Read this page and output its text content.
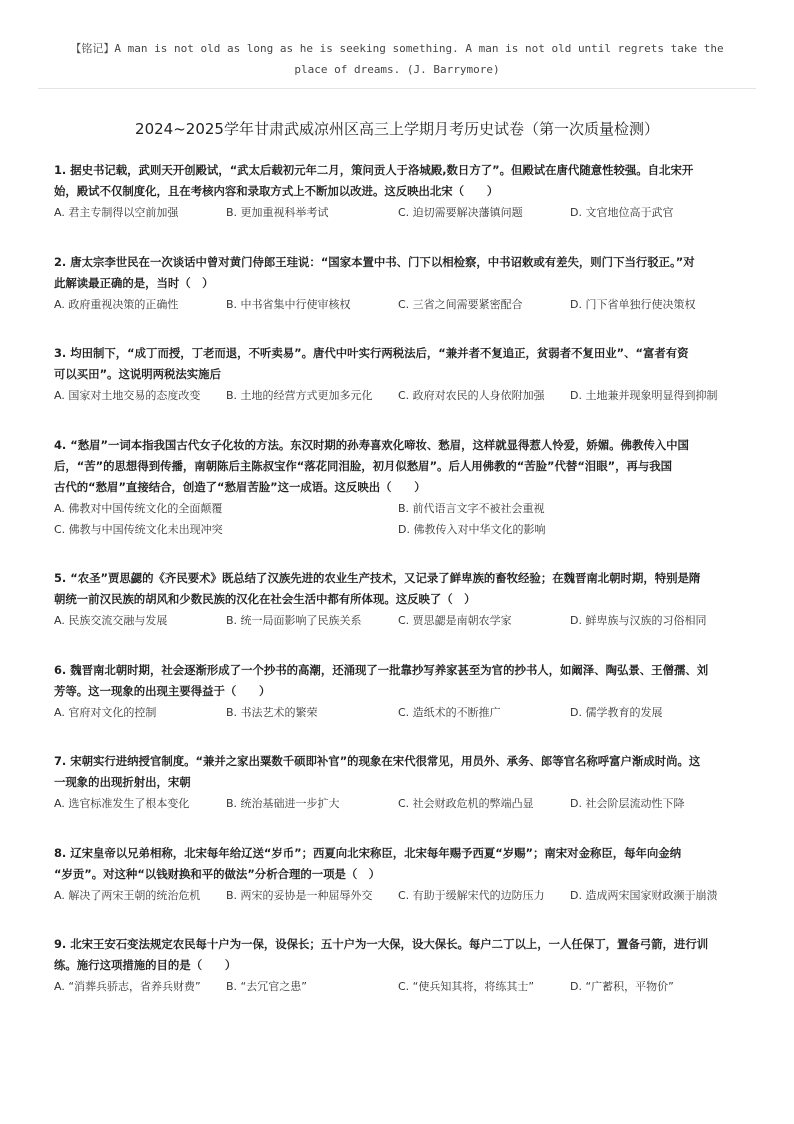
【铭记】A man is not old as long as he is seeking something. A man is not old until regrets take the
place of dreams. (J. Barrymore)
2024~2025学年甘肃武威凉州区高三上学期月考历史试卷（第一次质量检测）
1. 据史书记载，武则天开创殿试，“武太后载初元年二月，策问贡人于洛城殿,数日方了”。但殿试在唐代随意性较强。自北宋开
始，殿试不仅制度化，且在考核内容和录取方式上不断加以改进。这反映出北宋（　　）
A. 君主专制得以空前加强	B. 更加重视科举考试	C. 迫切需要解决藩镇问题	D. 文官地位高于武官
2. 唐太宗李世民在一次谈话中曾对黄门侍郎王珪说：“国家本置中书、门下以相检察，中书诏敕或有差失，则门下当行驳正。”对
此解读最正确的是，当时（　）
A. 政府重视决策的正确性	B. 中书省集中行使审核权	C. 三省之间需要紧密配合	D. 门下省单独行使决策权
3. 均田制下，“成丁而授，丁老而退，不听卖易”。唐代中叶实行两税法后，“兼并者不复追正，贫弱者不复田业”、“富者有资
可以买田”。这说明两税法实施后
A. 国家对土地交易的态度改变 B. 土地的经营方式更加多元化 C. 政府对农民的人身依附加强 D. 土地兼并现象明显得到抑制
4. “愁眉”一词本指我国古代女子化妆的方法。东汉时期的孙寿喜欢化啼妆、愁眉，这样就显得惹人怜爱，娇媚。佛教传入中国
后，“苦”的思想得到传播，南朝陈后主陈叔宝作“落花同泪脸，初月似愁眉”。后人用佛教的“苦脸”代替“泪眼”，再与我国
古代的“愁眉”直接结合，创造了“愁眉苦脸”这一成语。这反映出（　　）
A. 佛教对中国传统文化的全面颠覆	B. 前代语言文字不被社会重视
C. 佛教与中国传统文化未出现冲突	D. 佛教传入对中华文化的影响
5. “农圣”贾思勰的《齐民要术》既总结了汉族先进的农业生产技术，又记录了鲜卑族的畜牧经验；在魏晋南北朝时期，特别是隋
朝统一前汉民族的胡风和少数民族的汉化在社会生活中都有所体现。这反映了（　）
A. 民族交流交融与发展	B. 统一局面影响了民族关系	C. 贾思勰是南朝农学家	D. 鲜卑族与汉族的习俗相同
6. 魏晋南北朝时期，社会逐渐形成了一个抄书的高潮，还涌现了一批靠抄写养家甚至为官的抄书人，如阚泽、陶弘景、王僧孺、刘
芳等。这一现象的出现主要得益于（　　）
A. 官府对文化的控制	B. 书法艺术的繁荣	C. 造纸术的不断推广	D. 儒学教育的发展
7. 宋朝实行进纳授官制度。“兼并之家出粟数千硕即补官”的现象在宋代很常见，用员外、承务、郎等官名称呼富户渐成时尚。这
一现象的出现折射出，宋朝
A. 选官标准发生了根本变化	B. 统治基础进一步扩大	C. 社会财政危机的弊端凸显	D. 社会阶层流动性下降
8. 辽宋皇帝以兄弟相称，北宋每年给辽送“岁币”；西夏向北宋称臣，北宋每年赐予西夏“岁赐”；南宋对金称臣，每年向金纳
“岁贡”。对这种“以钱财换和平的做法”分析合理的一项是（　）
A. 解决了两宋王朝的统治危机 B. 两宋的妥协是一种屈辱外交 C. 有助于缓解宋代的边防压力 D. 造成两宋国家财政濒于崩溃
9. 北宋王安石变法规定农民每十户为一保，设保长；五十户为一大保，设大保长。每户二丁以上，一人任保丁，置备弓箭，进行训
练。施行这项措施的目的是（　　）
A. “消葬兵骄志，省养兵财费”	B. “去冗官之患”	C. “使兵知其将，将练其士”	D. “广蓄积，平物价”
